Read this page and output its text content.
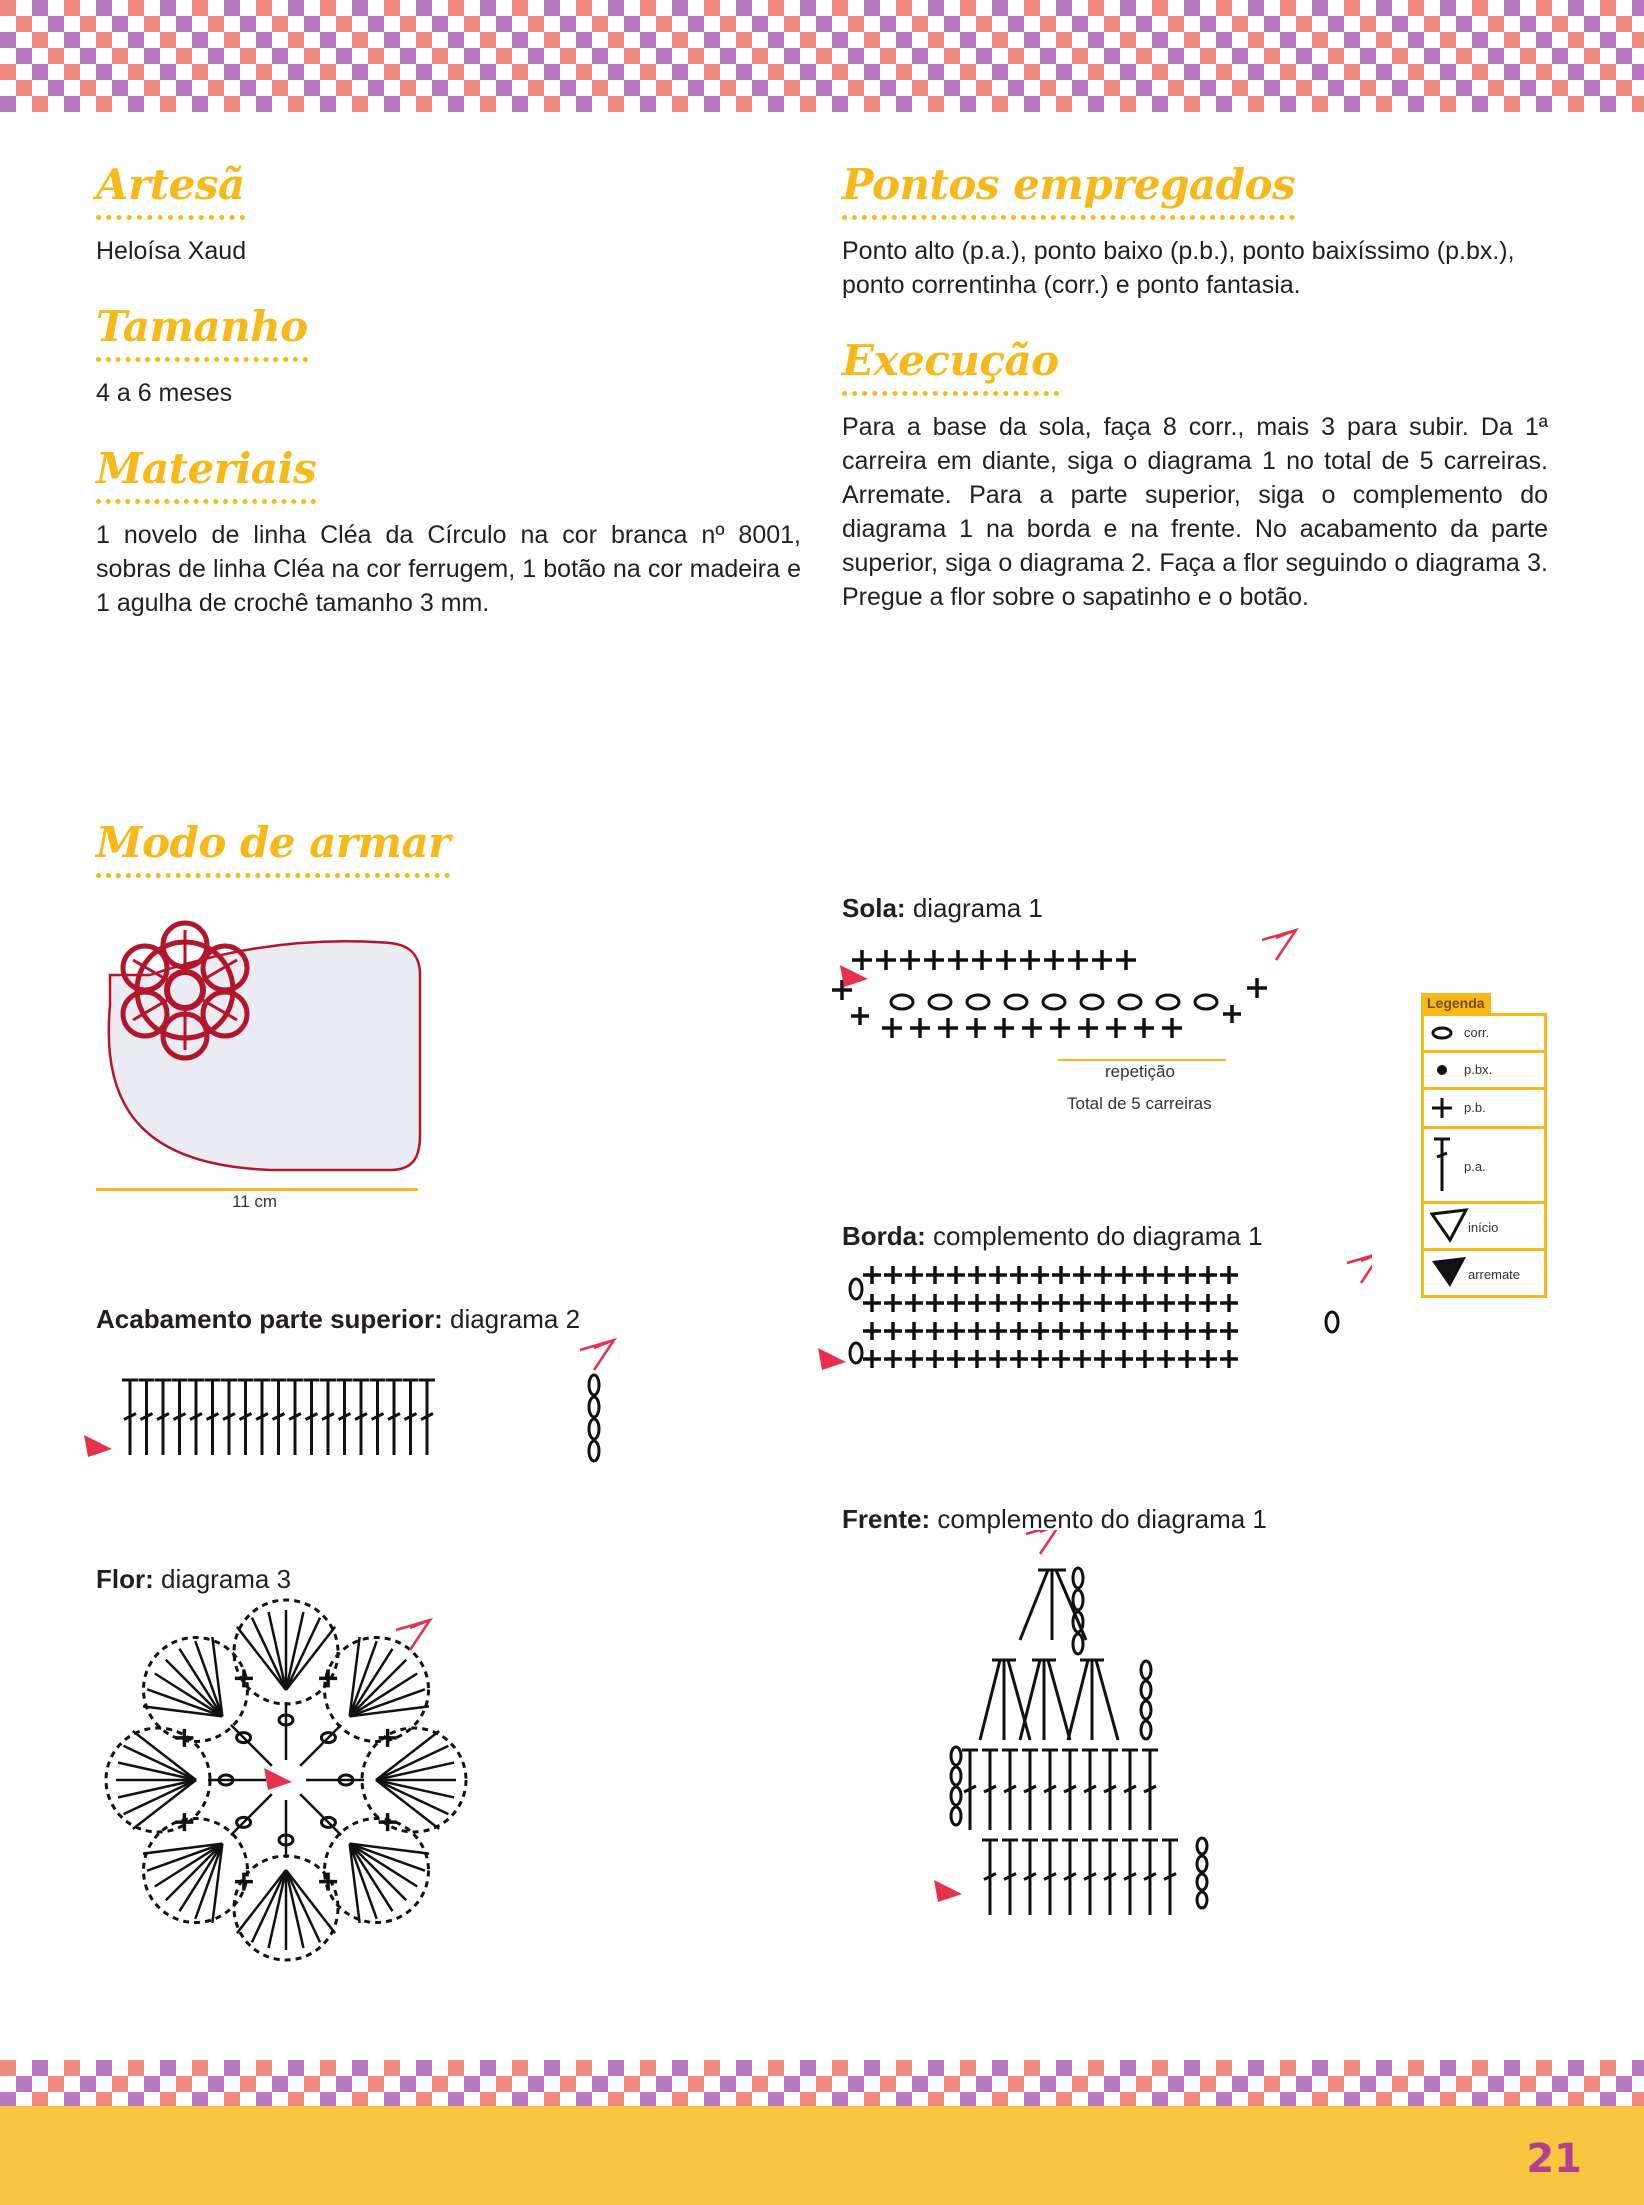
Artesã

Heloísa Xaud

Tamanho

4 a 6 meses

Materiais

1 novelo de linha Cléa da Círculo na cor branca nº 8001, sobras de linha Cléa na cor ferrugem, 1 botão na cor madeira e 1 agulha de crochê tamanho 3 mm.

Pontos empregados

Ponto alto (p.a.), ponto baixo (p.b.), ponto baixíssimo (p.bx.), ponto correntinha (corr.) e ponto fantasia.

Execução

Para a base da sola, faça 8 corr., mais 3 para subir. Da 1ª carreira em diante, siga o diagrama 1 no total de 5 carreiras. Arremate. Para a parte superior, siga o complemento do diagrama 1 na borda e na frente. No acabamento da parte superior, siga o diagrama 2. Faça a flor seguindo o diagrama 3. Pregue a flor sobre o sapatinho e o botão.

Modo de armar
11 cm
Sola: diagrama 1
repetição
Total de 5 carreiras
Legenda
corr.
p.bx.
p.b.
p.a.
início
arremate
Borda: complemento do diagrama 1
Acabamento parte superior: diagrama 2
Frente: complemento do diagrama 1
Flor: diagrama 3
21
